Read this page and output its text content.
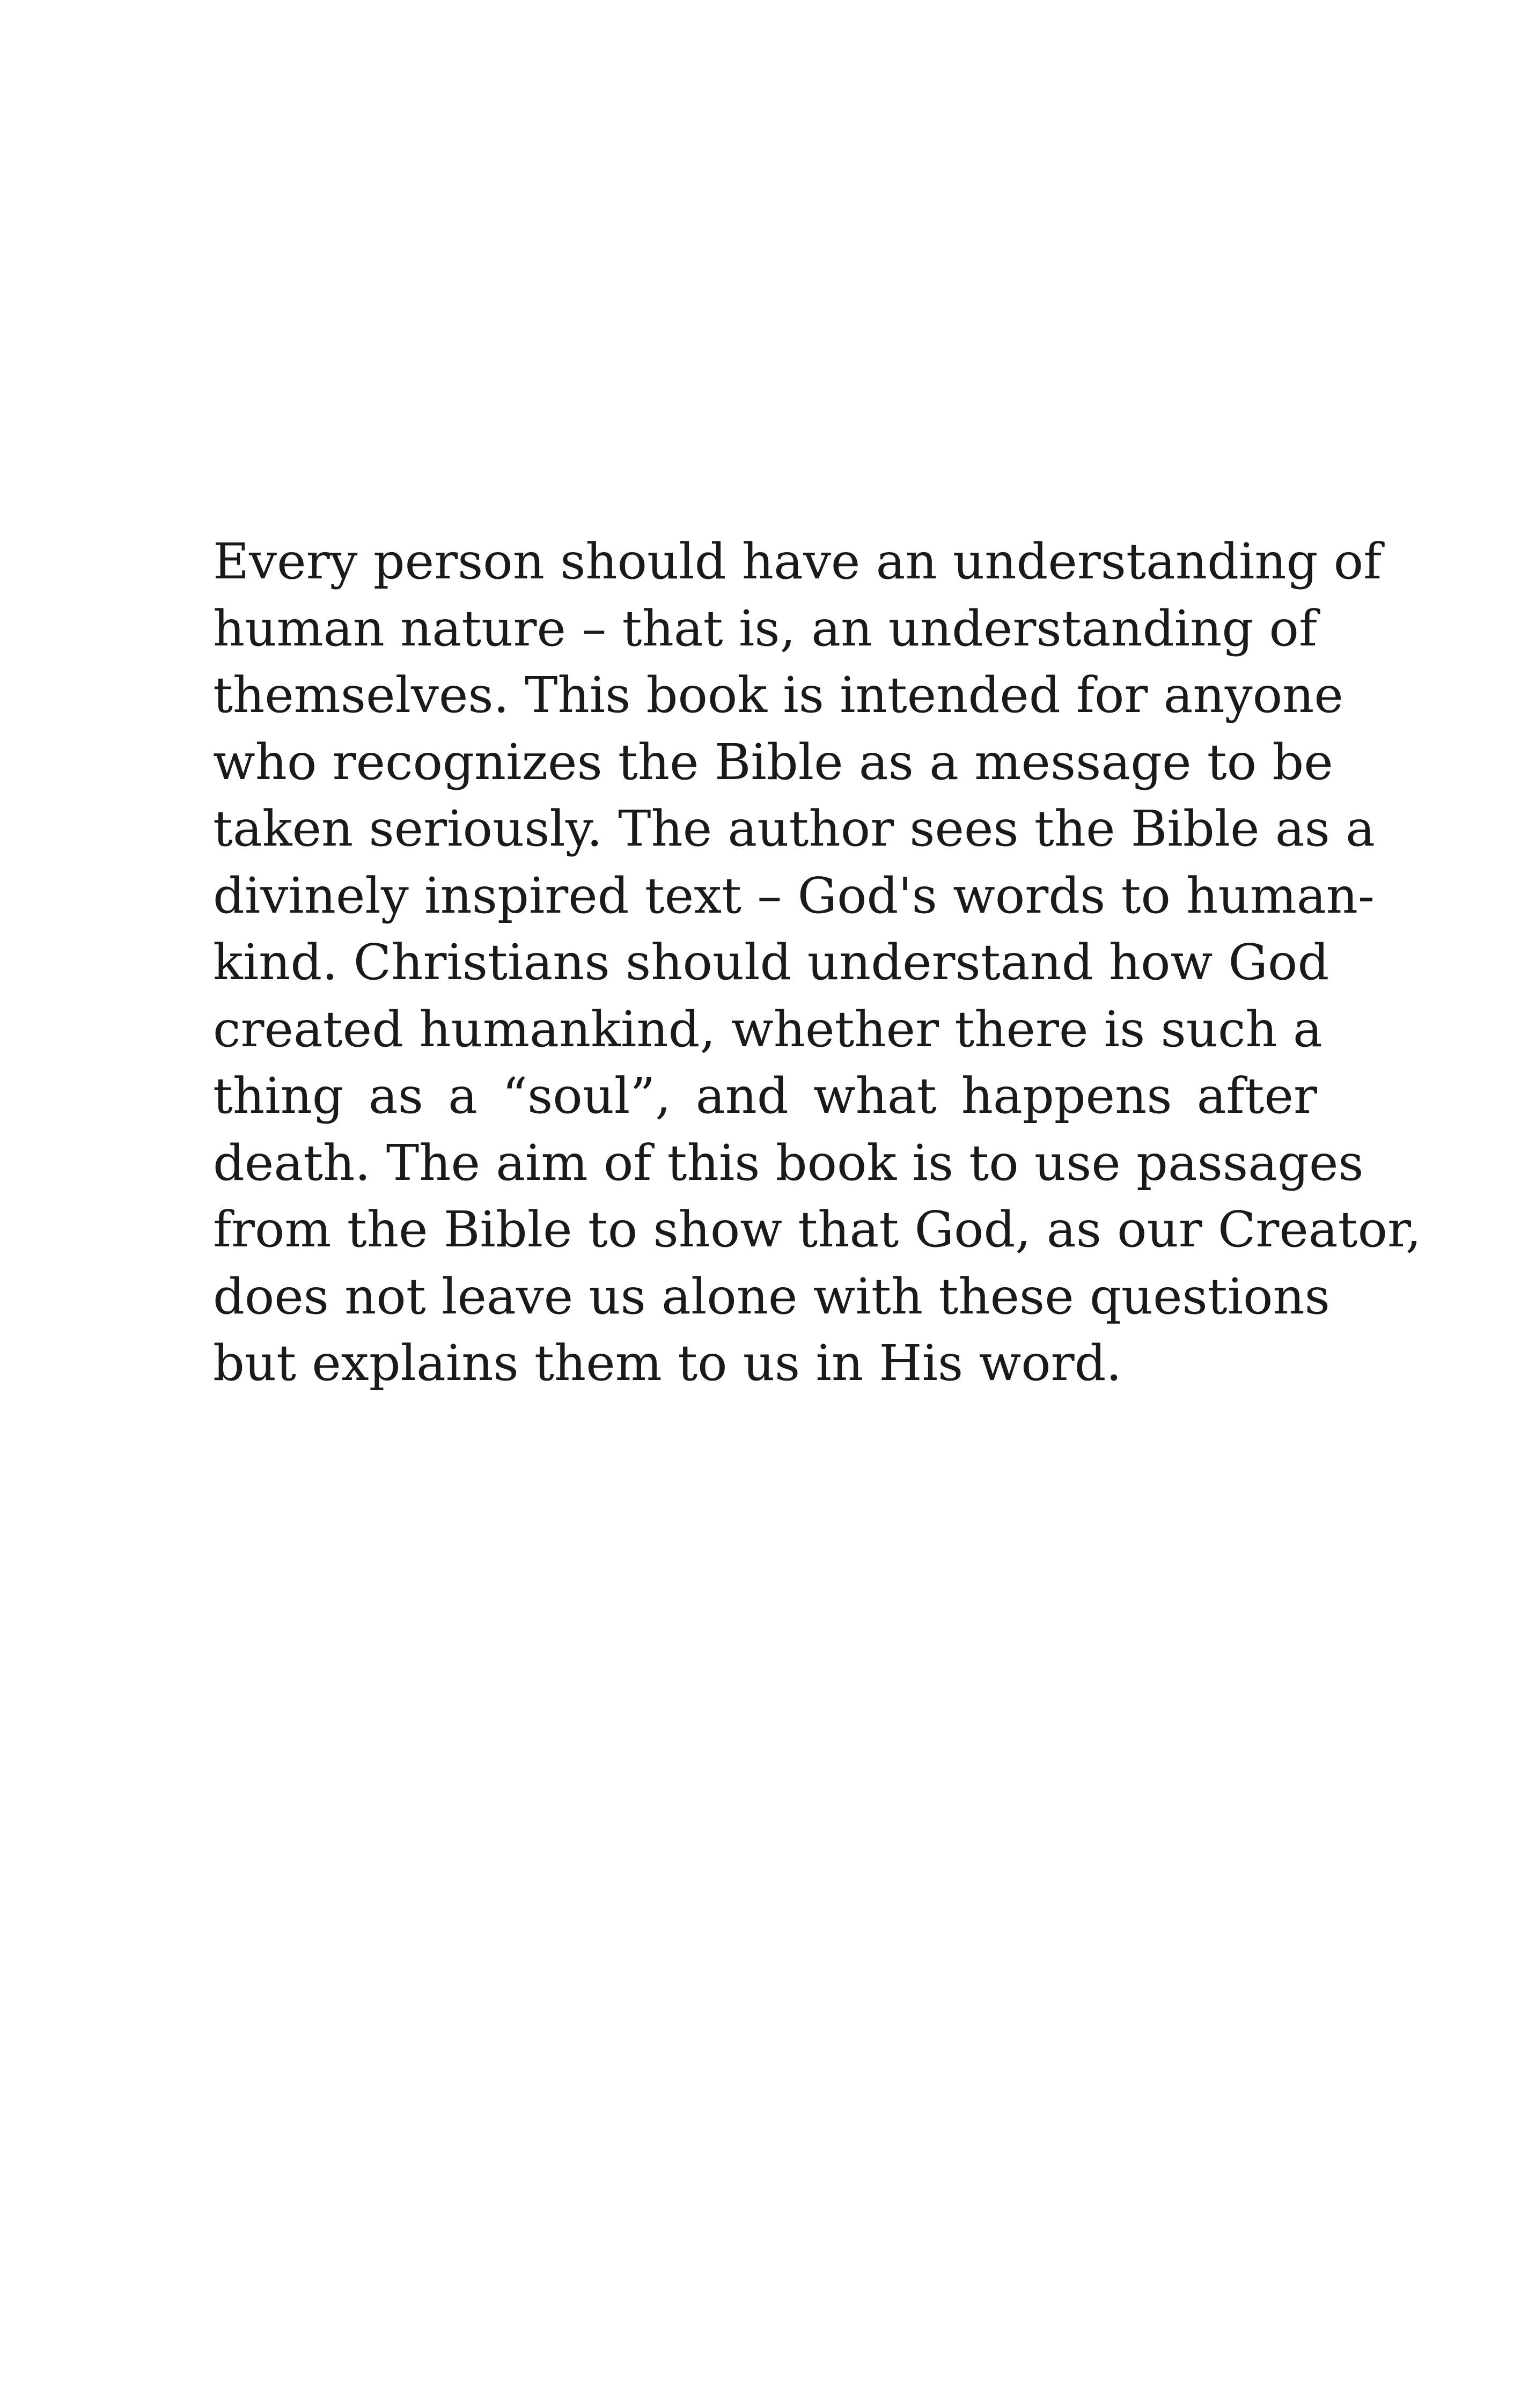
Every person should have an understanding of
human nature – that is, an understanding of
themselves. This book is intended for anyone
who recognizes the Bible as a message to be
taken seriously. The author sees the Bible as a
divinely inspired text – God's words to human-
kind. Christians should understand how God
created humankind, whether there is such a
thing as a “soul”, and what happens after
death. The aim of this book is to use passages
from the Bible to show that God, as our Creator,
does not leave us alone with these questions
but explains them to us in His word.
